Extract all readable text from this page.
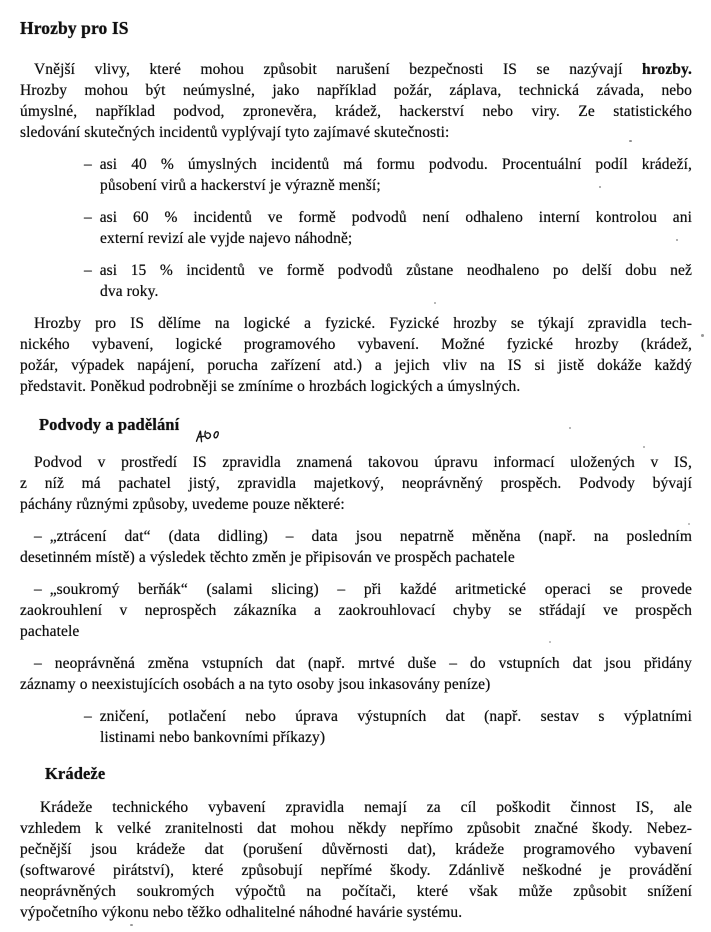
Hrozby pro IS
Vnější vlivy, které mohou způsobit narušení bezpečnosti IS se nazývají hrozby.
Hrozby mohou být neúmyslné, jako například požár, záplava, technická závada, nebo
úmyslné, například podvod, zpronevěra, krádež, hackerství nebo viry. Ze statistického
sledování skutečných incidentů vyplývají tyto zajímavé skutečnosti:
– asi 40 % úmyslných incidentů má formu podvodu. Procentuální podíl krádeží,
působení virů a hackerství je výrazně menší;
– asi 60 % incidentů ve formě podvodů není odhaleno interní kontrolou ani
externí revizí ale vyjde najevo náhodně;
– asi 15 % incidentů ve formě podvodů zůstane neodhaleno po delší dobu než
dva roky.
Hrozby pro IS dělíme na logické a fyzické. Fyzické hrozby se týkají zpravidla tech-
nického vybavení, logické programového vybavení. Možné fyzické hrozby (krádež,
požár, výpadek napájení, porucha zařízení atd.) a jejich vliv na IS si jistě dokáže každý
představit. Poněkud podrobněji se zmíníme o hrozbách logických a úmyslných.
Podvody a padělání
Podvod v prostředí IS zpravidla znamená takovou úpravu informací uložených v IS,
z níž má pachatel jistý, zpravidla majetkový, neoprávněný prospěch. Podvody bývají
páchány různými způsoby, uvedeme pouze některé:
– „ztrácení dat“ (data didling) – data jsou nepatrně měněna (např. na posledním
desetinném místě) a výsledek těchto změn je připisován ve prospěch pachatele
– „soukromý berňák“ (salami slicing) – při každé aritmetické operaci se provede
zaokrouhlení v neprospěch zákazníka a zaokrouhlovací chyby se střádají ve prospěch
pachatele
– neoprávněná změna vstupních dat (např. mrtvé duše – do vstupních dat jsou přidány
záznamy o neexistujících osobách a na tyto osoby jsou inkasovány peníze)
– zničení, potlačení nebo úprava výstupních dat (např. sestav s výplatními
listinami nebo bankovními příkazy)
Krádeže
Krádeže technického vybavení zpravidla nemají za cíl poškodit činnost IS, ale
vzhledem k velké zranitelnosti dat mohou někdy nepřímo způsobit značné škody. Nebez-
pečnější jsou krádeže dat (porušení důvěrnosti dat), krádeže programového vybavení
(softwarové pirátství), které způsobují nepřímé škody. Zdánlivě neškodné je provádění
neoprávněných soukromých výpočtů na počítači, které však může způsobit snížení
výpočetního výkonu nebo těžko odhalitelné náhodné havárie systému.
